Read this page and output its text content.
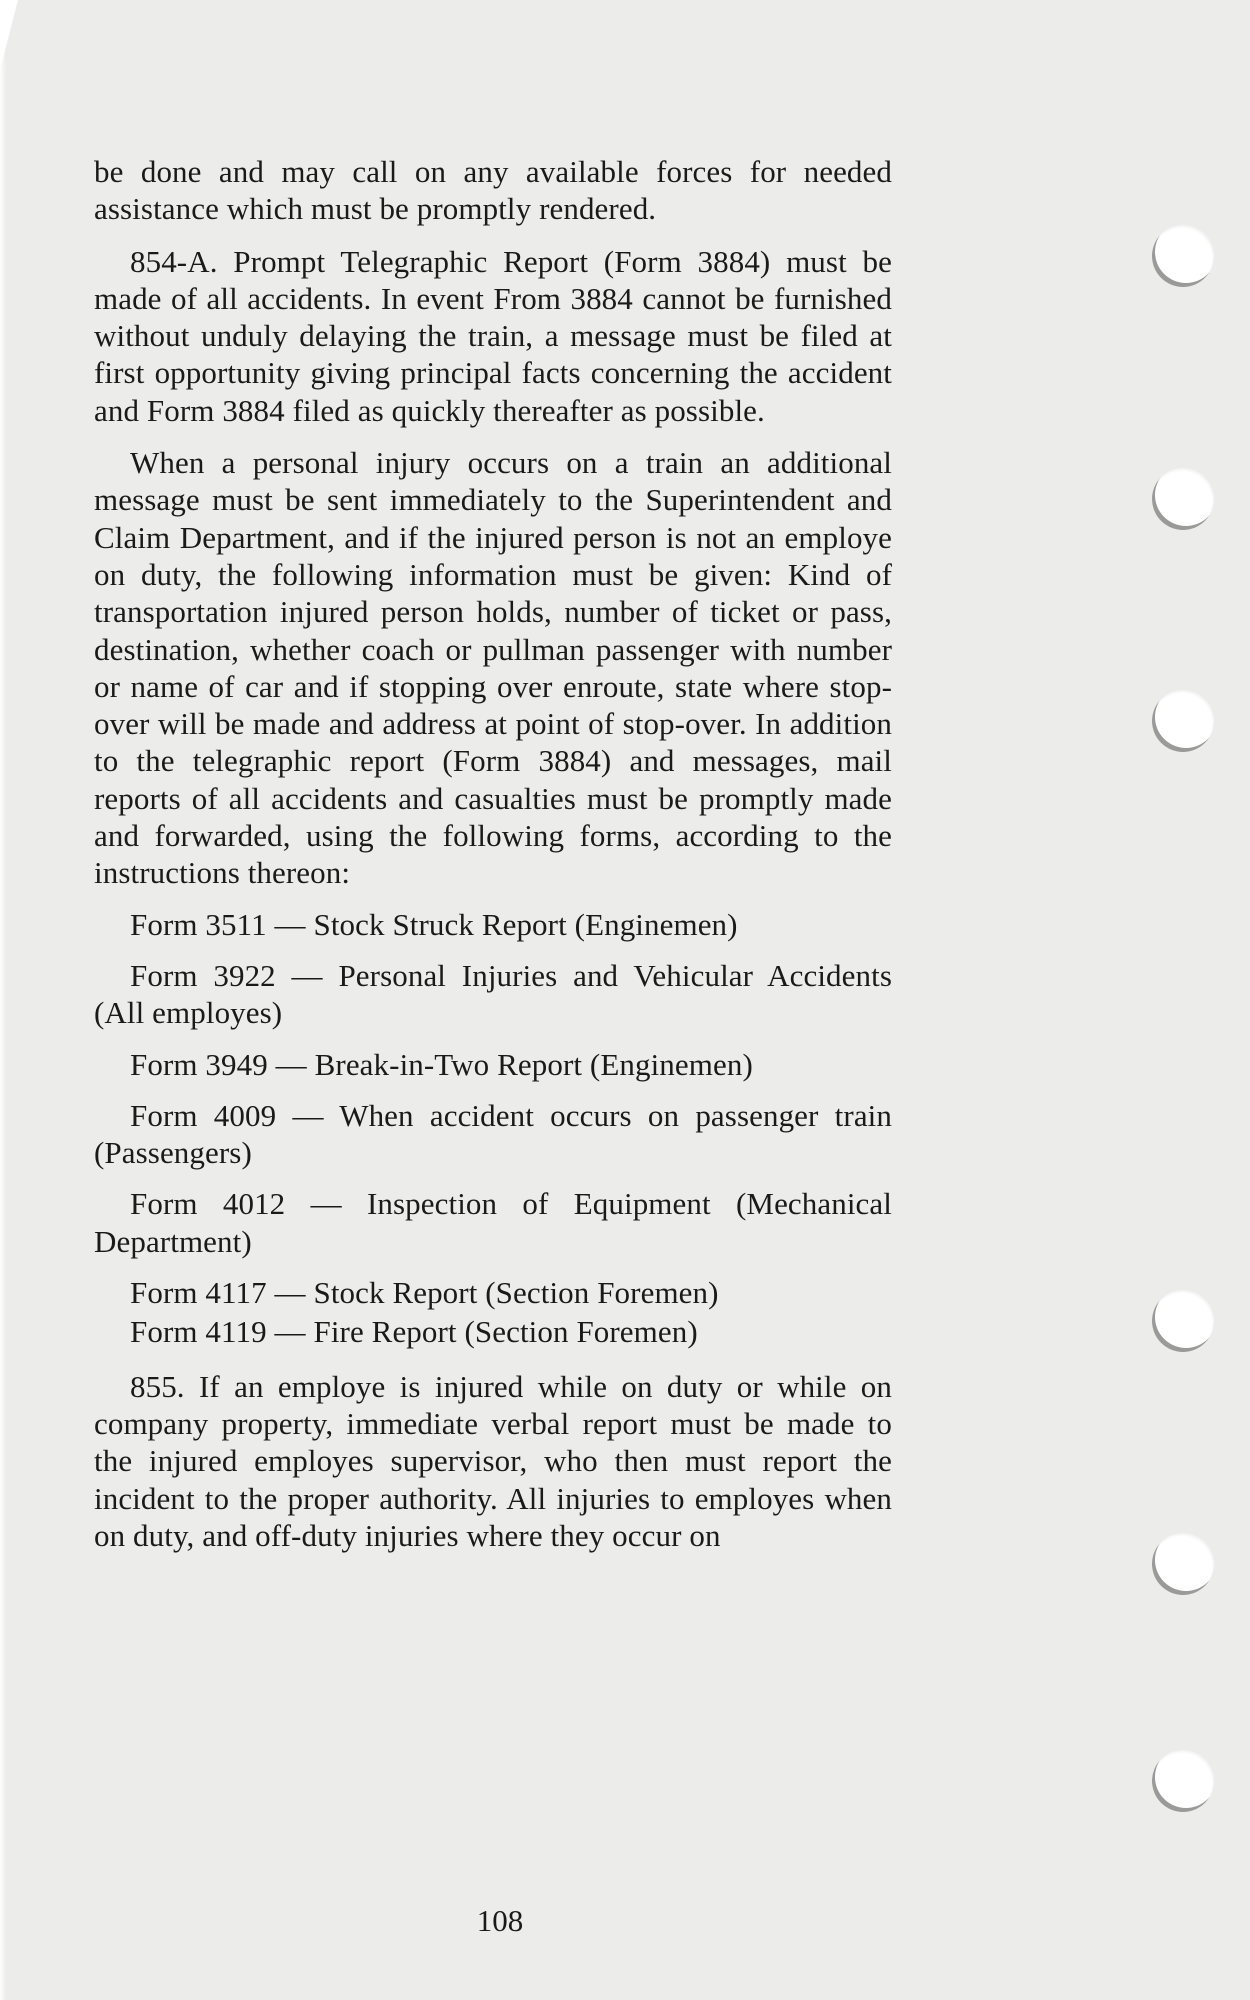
be done and may call on any available forces for needed assistance which must be promptly rendered.

854-A. Prompt Telegraphic Report (Form 3884) must be made of all accidents. In event From 3884 cannot be furnished without unduly delaying the train, a message must be filed at first opportunity giving principal facts concerning the accident and Form 3884 filed as quickly thereafter as possible.

When a personal injury occurs on a train an additional message must be sent immediately to the Superintendent and Claim Department, and if the injured person is not an employe on duty, the following information must be given: Kind of transportation injured person holds, number of ticket or pass, destination, whether coach or pullman passenger with number or name of car and if stopping over enroute, state where stop-over will be made and address at point of stop-over. In addition to the telegraphic report (Form 3884) and messages, mail reports of all accidents and casualties must be promptly made and forwarded, using the following forms, according to the instructions thereon:

Form 3511 — Stock Struck Report (Enginemen)

Form 3922 — Personal Injuries and Vehicular Accidents (All employes)

Form 3949 — Break-in-Two Report (Enginemen)

Form 4009 — When accident occurs on passenger train (Passengers)

Form 4012 — Inspection of Equipment (Mechanical Department)

Form 4117 — Stock Report (Section Foremen)

Form 4119 — Fire Report (Section Foremen)

855. If an employe is injured while on duty or while on company property, immediate verbal report must be made to the injured employes supervisor, who then must report the incident to the proper authority. All injuries to employes when on duty, and off-duty injuries where they occur on

108
